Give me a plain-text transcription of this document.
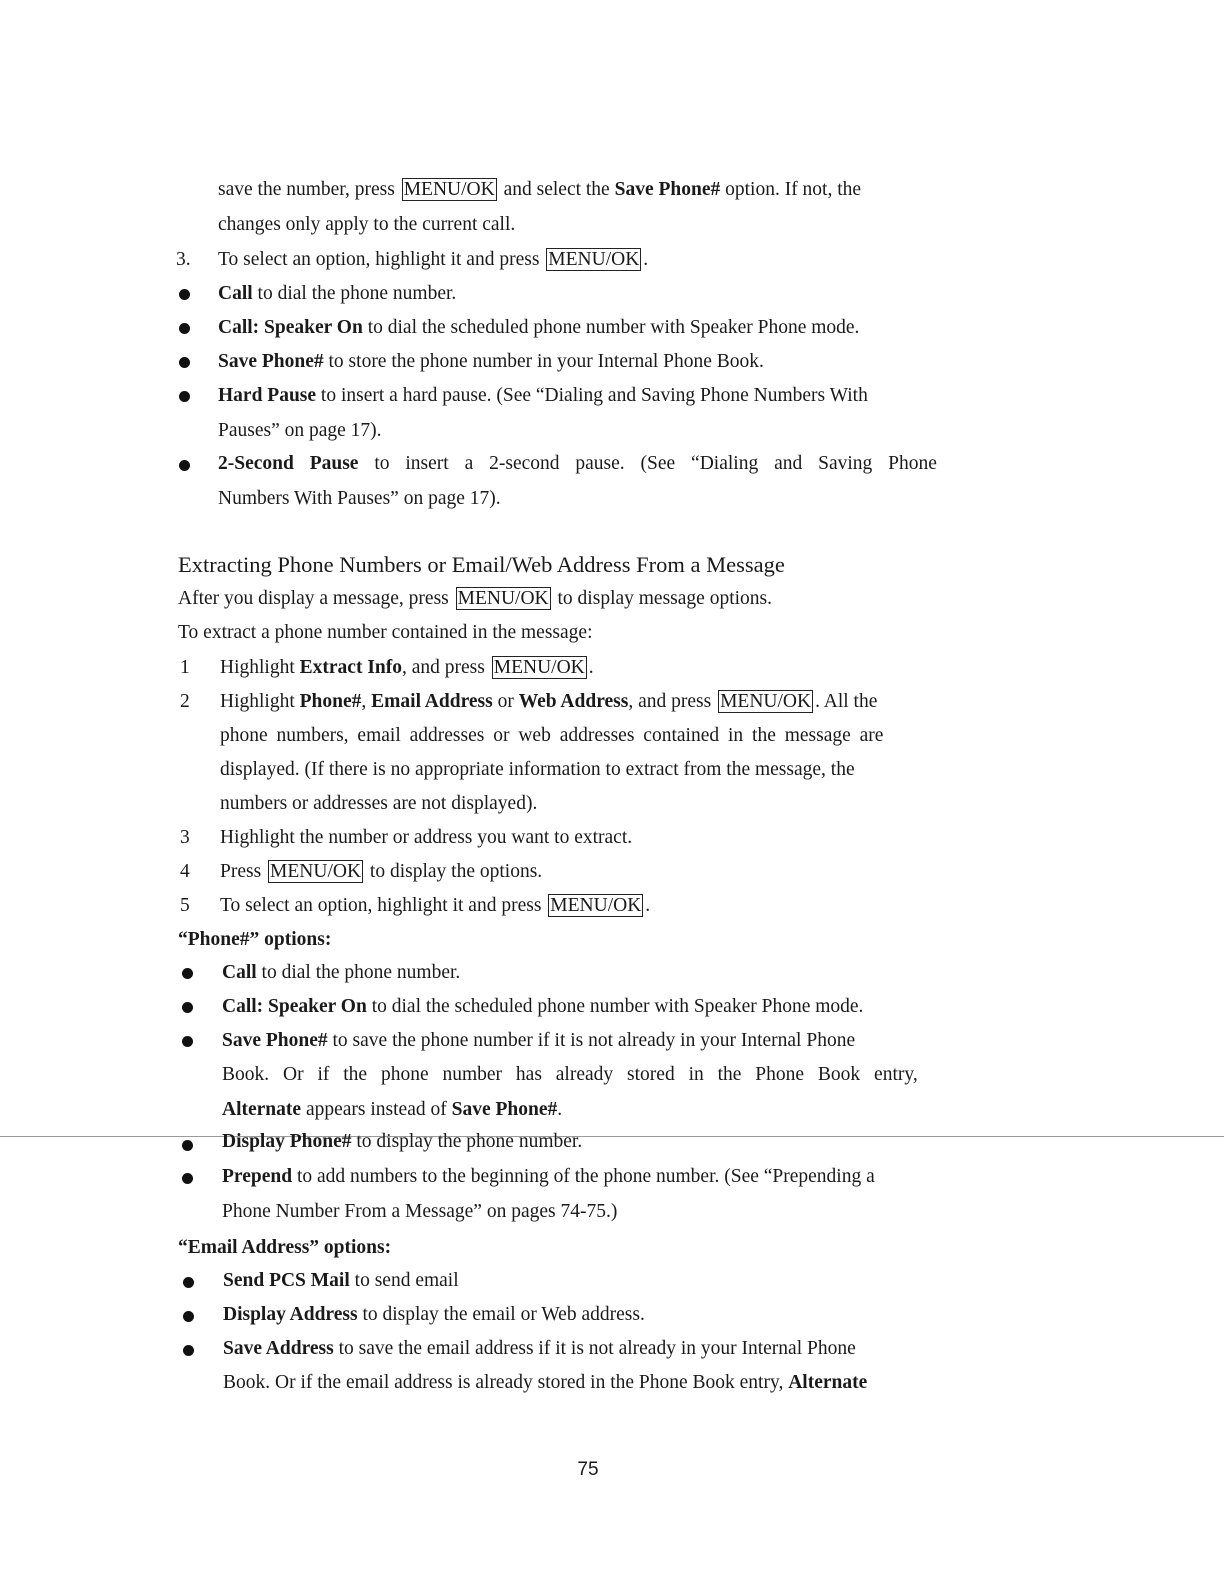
save the number, press MENU/OK and select the Save Phone# option. If not, the
changes only apply to the current call.
3. To select an option, highlight it and press MENU/OK .
Call to dial the phone number.
Call: Speaker On to dial the scheduled phone number with Speaker Phone mode.
Save Phone# to store the phone number in your Internal Phone Book.
Hard Pause to insert a hard pause. (See “Dialing and Saving Phone Numbers With
Pauses” on page 17).
2-Second Pause to insert a 2-second pause. (See “Dialing and Saving Phone
Numbers With Pauses” on page 17).
Extracting Phone Numbers or Email/Web Address From a Message
After you display a message, press MENU/OK to display message options.
To extract a phone number contained in the message:
1 Highlight Extract Info, and press MENU/OK .
2 Highlight Phone#, Email Address or Web Address, and press MENU/OK . All the
phone numbers, email addresses or web addresses contained in the message are
displayed. (If there is no appropriate information to extract from the message, the
numbers or addresses are not displayed).
3 Highlight the number or address you want to extract.
4 Press MENU/OK to display the options.
5 To select an option, highlight it and press MENU/OK .
“Phone#” options:
Call to dial the phone number.
Call: Speaker On to dial the scheduled phone number with Speaker Phone mode.
Save Phone# to save the phone number if it is not already in your Internal Phone
Book. Or if the phone number has already stored in the Phone Book entry,
Alternate appears instead of Save Phone#.
Display Phone# to display the phone number.
Prepend to add numbers to the beginning of the phone number. (See “Prepending a
Phone Number From a Message” on pages 74-75.)
“Email Address” options:
Send PCS Mail to send email
Display Address to display the email or Web address.
Save Address to save the email address if it is not already in your Internal Phone
Book. Or if the email address is already stored in the Phone Book entry, Alternate
75
